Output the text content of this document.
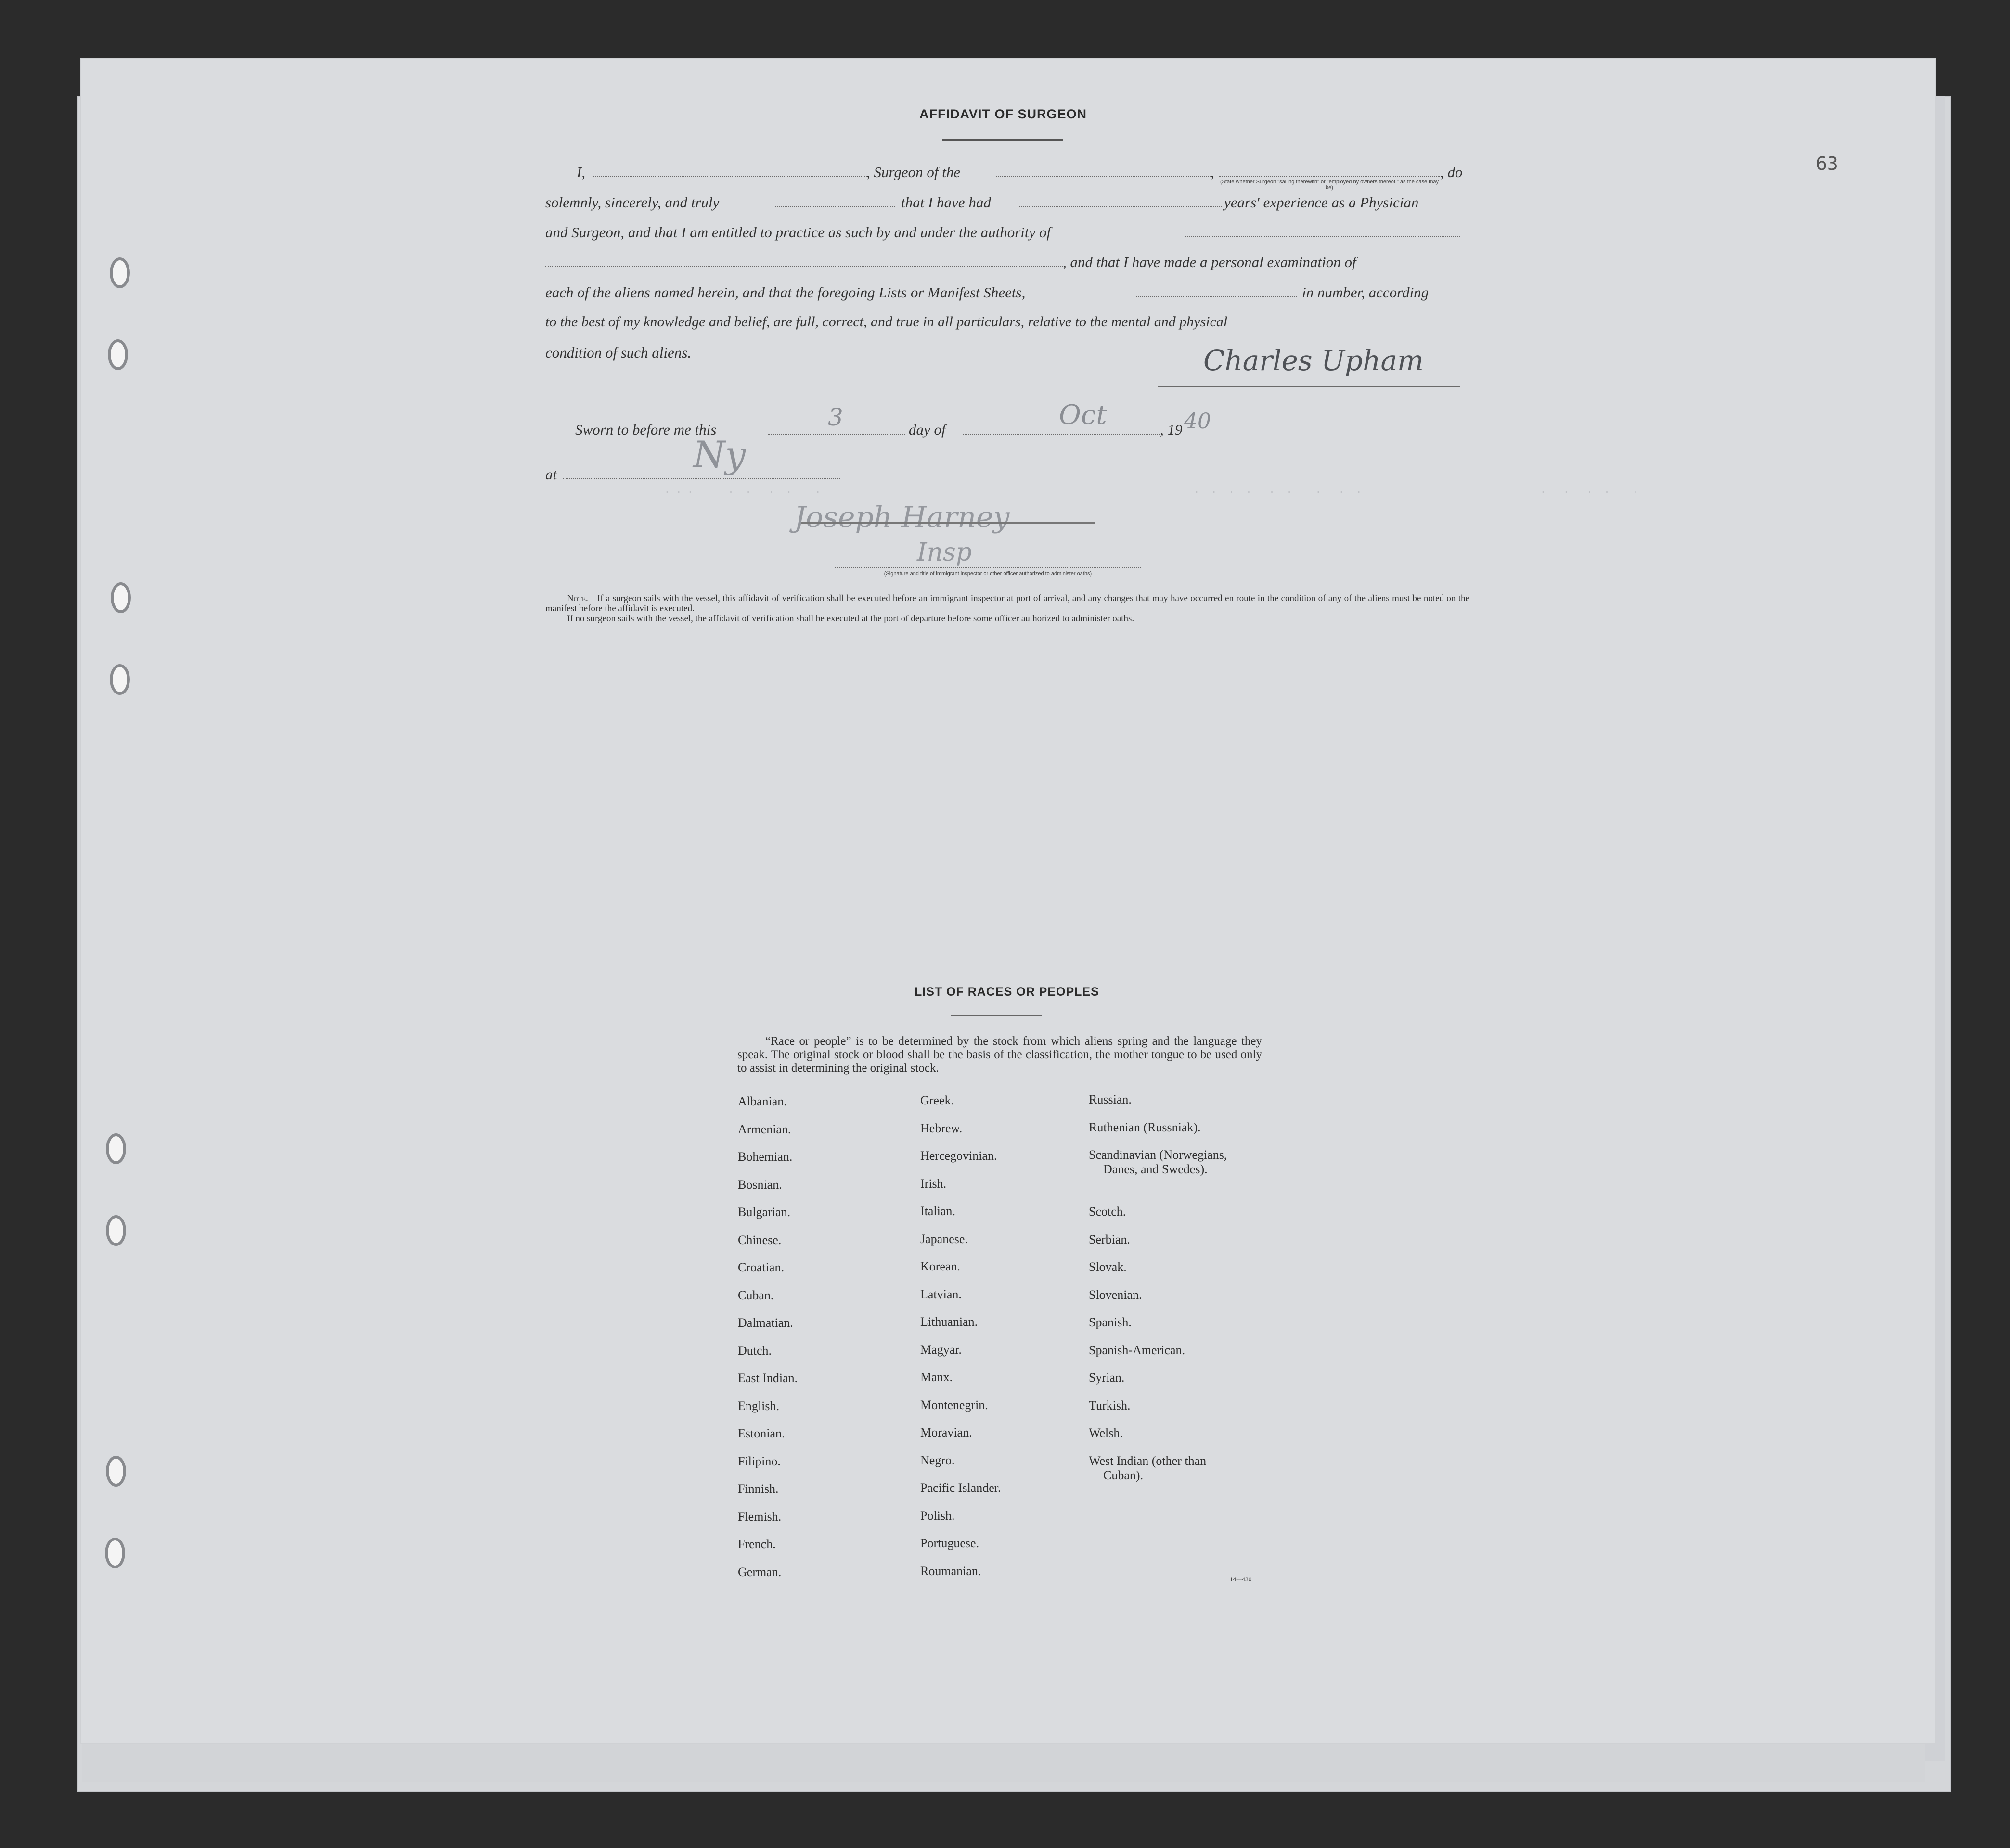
63
AFFIDAVIT OF SURGEON
I,	, Surgeon of the	,
(State whether Surgeon "sailing therewith" or "employed by owners thereof," as the case may be)
, do
solemnly, sincerely, and truly	that I have had	years' experience as a Physician
and Surgeon, and that I am entitled to practice as such by and under the authority of
, and that I have made a personal examination of
each of the aliens named herein, and that the foregoing Lists or Manifest Sheets,	in number, according
to the best of my knowledge and belief, are full, correct, and true in all particulars, relative to the mental and physical
condition of such aliens.	Charles Upham
Sworn to before me this	3	day of	Oct	, 19 40
at	Ny
Joseph Harney
Insp
(Signature and title of immigrant inspector or other officer authorized to administer oaths)
. . .      .  .   .  .    .	.  .  .  .   .  .    .   .  .	.   .   .  .    .
Note.—If a surgeon sails with the vessel, this affidavit of verification shall be executed before an immigrant inspector at port of arrival, and any changes that may have occurred en route in the condition of any of the aliens must be noted on the manifest before the affidavit is executed.
If no surgeon sails with the vessel, the affidavit of verification shall be executed at the port of departure before some officer authorized to administer oaths.
LIST OF RACES OR PEOPLES
“Race or people” is to be determined by the stock from which aliens spring and the language they speak. The original stock or blood shall be the basis of the classification, the mother tongue to be used only to assist in determining the original stock.
Albanian.
Armenian.
Bohemian.
Bosnian.
Bulgarian.
Chinese.
Croatian.
Cuban.
Dalmatian.
Dutch.
East Indian.
English.
Estonian.
Filipino.
Finnish.
Flemish.
French.
German.
Greek.
Hebrew.
Hercegovinian.
Irish.
Italian.
Japanese.
Korean.
Latvian.
Lithuanian.
Magyar.
Manx.
Montenegrin.
Moravian.
Negro.
Pacific Islander.
Polish.
Portuguese.
Roumanian.
Russian.
Ruthenian (Russniak).
Scandinavian (Norwegians,
Danes, and Swedes).
Scotch.
Serbian.
Slovak.
Slovenian.
Spanish.
Spanish-American.
Syrian.
Turkish.
Welsh.
West Indian (other than
Cuban).
14—430
